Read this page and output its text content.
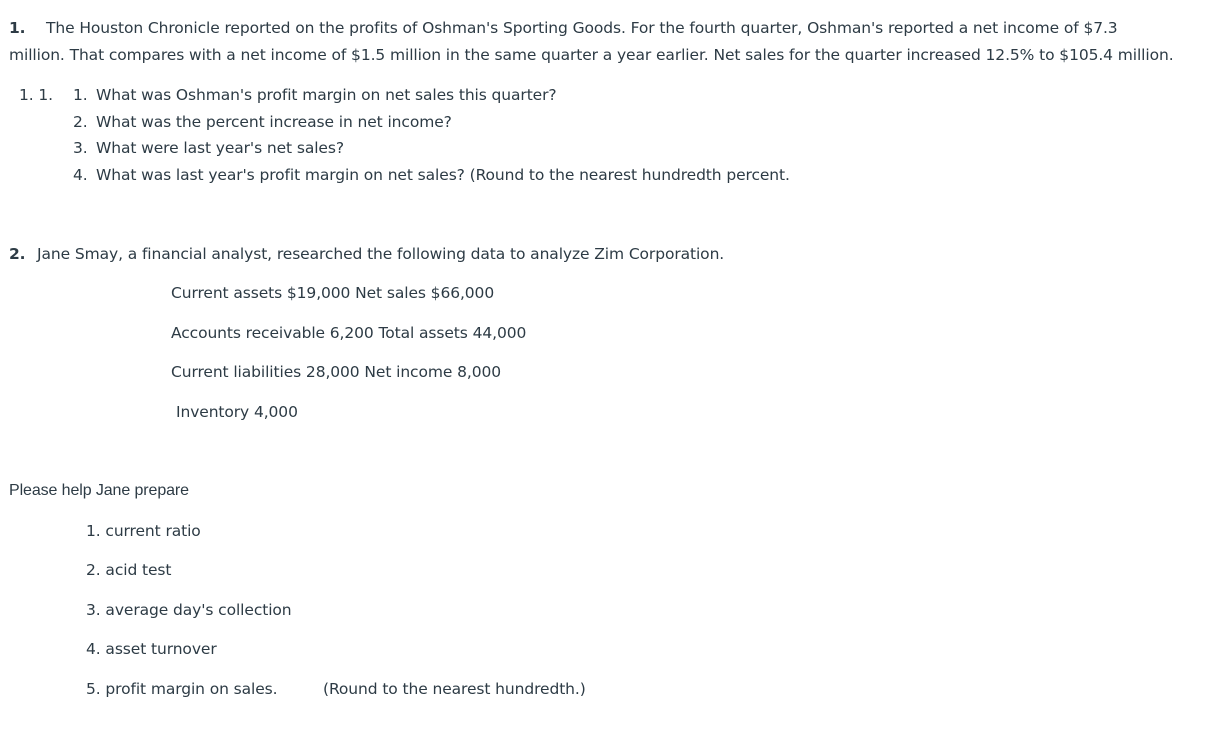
1. The Houston Chronicle reported on the profits of Oshman's Sporting Goods. For the fourth quarter, Oshman's reported a net income of $7.3
million. That compares with a net income of $1.5 million in the same quarter a year earlier. Net sales for the quarter increased 12.5% to $105.4 million.
1. 1. 1. What was Oshman's profit margin on net sales this quarter?
2. What was the percent increase in net income?
3. What were last year's net sales?
4. What was last year's profit margin on net sales? (Round to the nearest hundredth percent.
2. Jane Smay, a financial analyst, researched the following data to analyze Zim Corporation.
Current assets $19,000 Net sales $66,000
Accounts receivable 6,200 Total assets 44,000
Current liabilities 28,000 Net income 8,000
Inventory 4,000
Please help Jane prepare
1. current ratio
2. acid test
3. average day's collection
4. asset turnover
5. profit margin on sales.	(Round to the nearest hundredth.)
